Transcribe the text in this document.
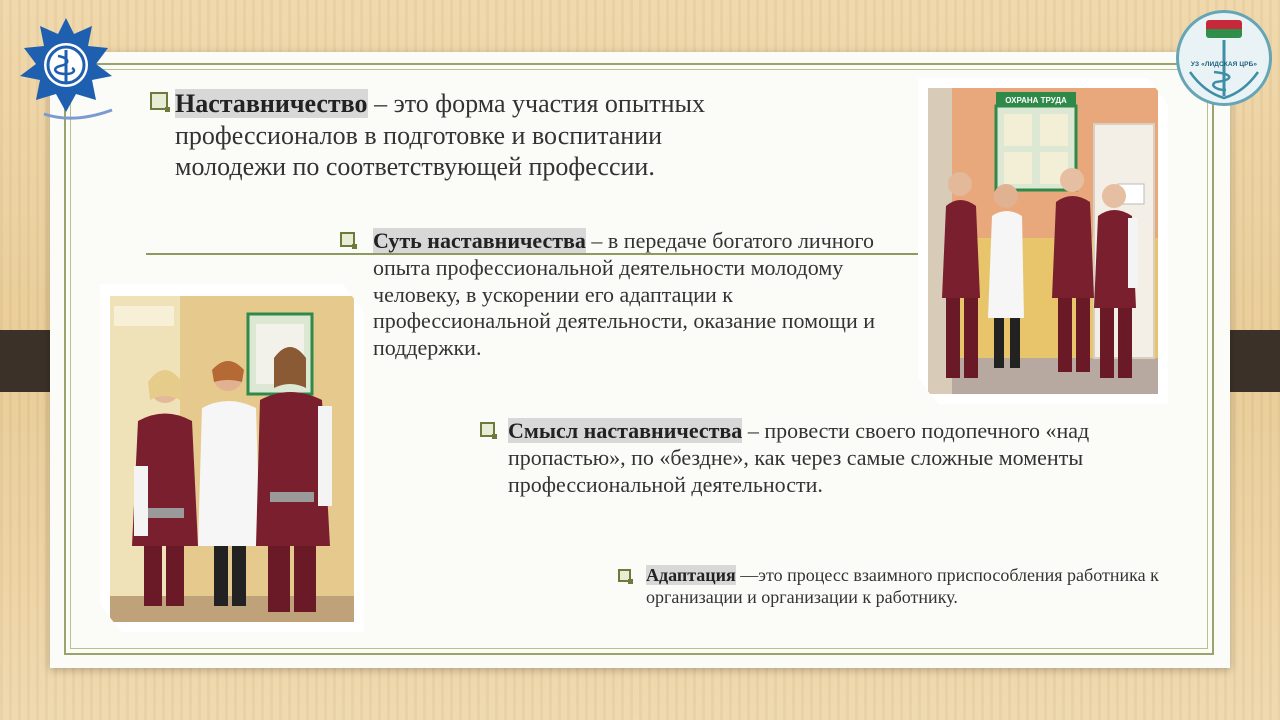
УЗ «ЛИДСКАЯ ЦРБ»
ОХРАНА ТРУДА
Наставничество – это форма участия опытных профессионалов в подготовке и воспитании молодежи по соответствующей профессии.
Суть наставничества – в передаче богатого личного опыта профессиональной деятельности молодому человеку, в ускорении его адаптации к профессиональной деятельности, оказание помощи и поддержки.
Смысл наставничества – провести своего подопечного «над пропастью», по «бездне», как через самые сложные моменты профессиональной деятельности.
Адаптация —это процесс взаимного приспособления работника к организации и организации к работнику.
